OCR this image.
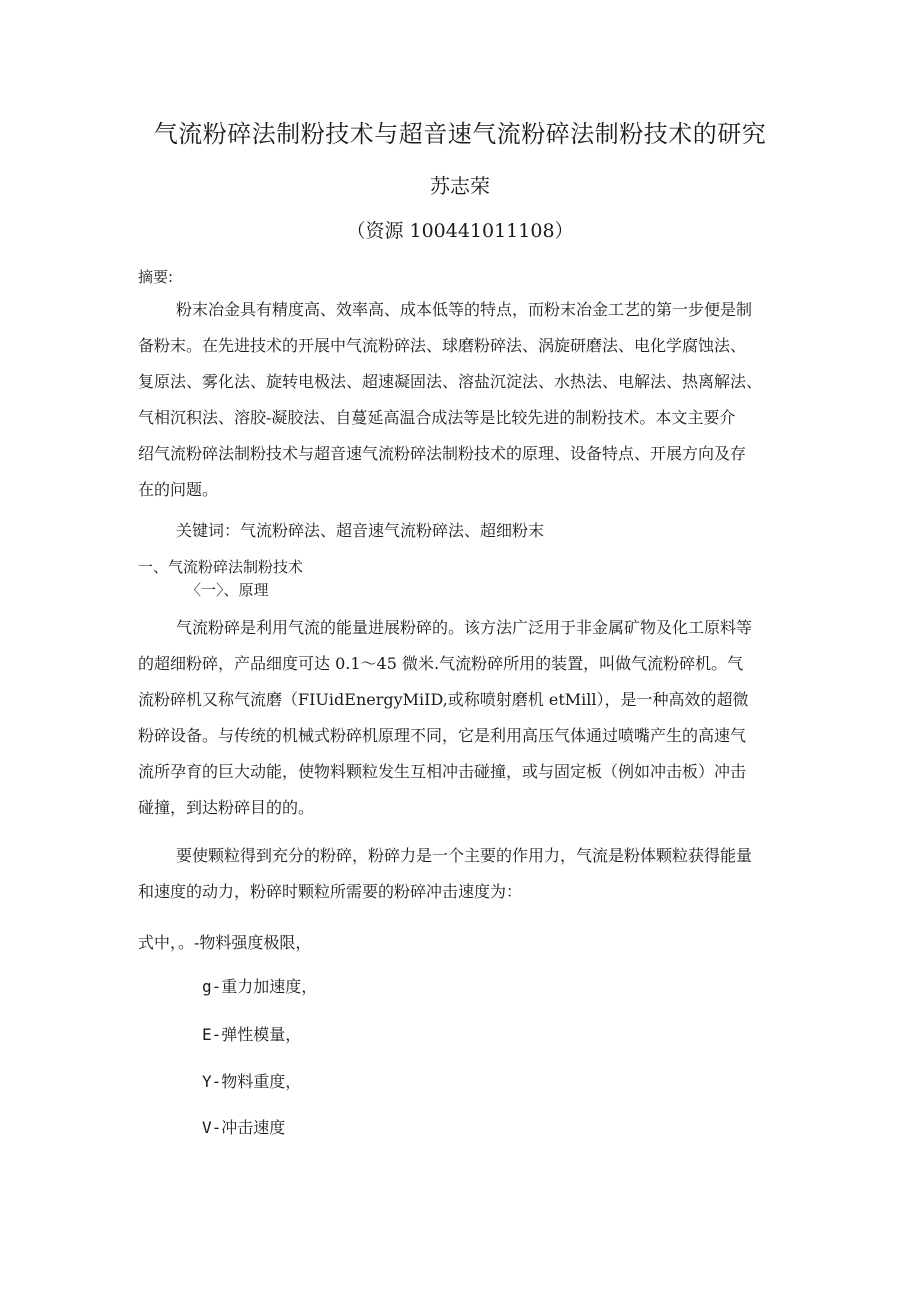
气流粉碎法制粉技术与超音速气流粉碎法制粉技术的研究
苏志荣
（资源 100441011108）
摘要:
粉末冶金具有精度高、效率高、成本低等的特点，而粉末冶金工艺的第一步便是制
备粉末。在先进技术的开展中气流粉碎法、球磨粉碎法、涡旋研磨法、电化学腐蚀法、
复原法、雾化法、旋转电极法、超速凝固法、溶盐沉淀法、水热法、电解法、热离解法、
气相沉积法、溶胶-凝胶法、自蔓延高温合成法等是比较先进的制粉技术。本文主要介
绍气流粉碎法制粉技术与超音速气流粉碎法制粉技术的原理、设备特点、开展方向及存
在的问题。
关键词：气流粉碎法、超音速气流粉碎法、超细粉末
一、气流粉碎法制粉技术
〈一〉、原理
气流粉碎是利用气流的能量进展粉碎的。该方法广泛用于非金属矿物及化工原料等
的超细粉碎，产品细度可达 0.1～45 微米.气流粉碎所用的装置，叫做气流粉碎机。气
流粉碎机又称气流磨（FIUidEnergyMiID,或称喷射磨机 etMill），是一种高效的超微
粉碎设备。与传统的机械式粉碎机原理不同，它是利用高压气体通过喷嘴产生的高速气
流所孕育的巨大动能，使物料颗粒发生互相冲击碰撞，或与固定板（例如冲击板）冲击
碰撞，到达粉碎目的的。
要使颗粒得到充分的粉碎，粉碎力是一个主要的作用力，气流是粉体颗粒获得能量
和速度的动力，粉碎时颗粒所需要的粉碎冲击速度为：
式中，。-物料强度极限，
g-重力加速度，
E-弹性模量，
Y-物料重度，
V-冲击速度
